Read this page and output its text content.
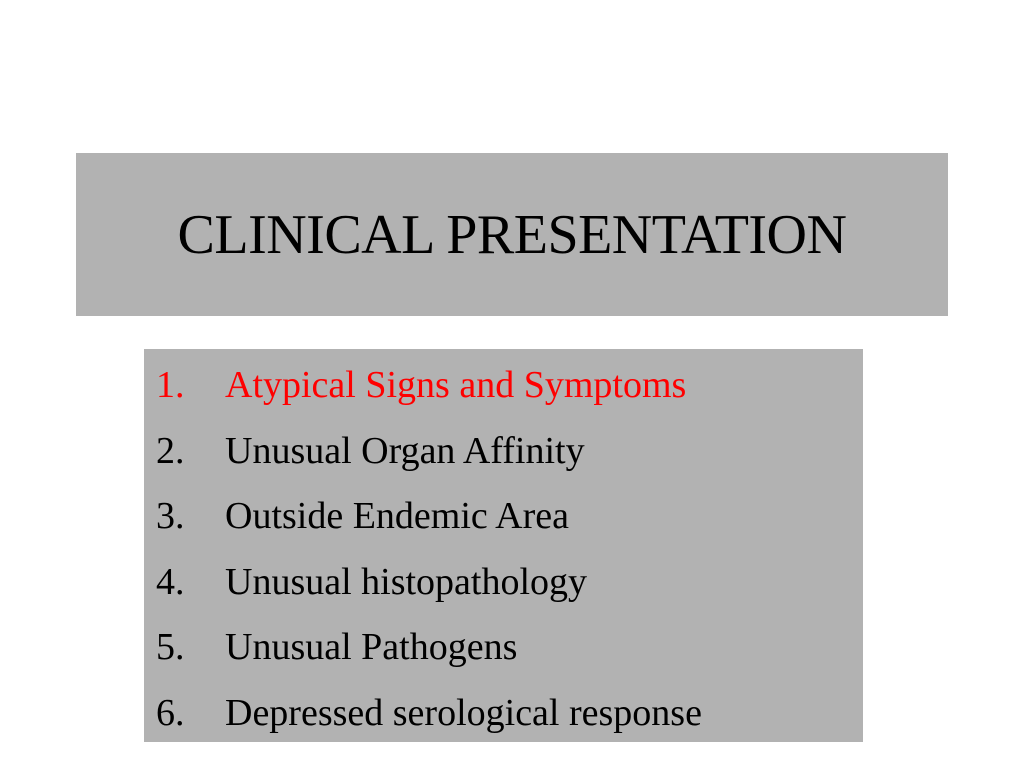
CLINICAL PRESENTATION
1.	Atypical Signs and Symptoms
2.	Unusual Organ Affinity
3.	Outside Endemic Area
4.	Unusual histopathology
5.	Unusual Pathogens
6.	Depressed serological response
